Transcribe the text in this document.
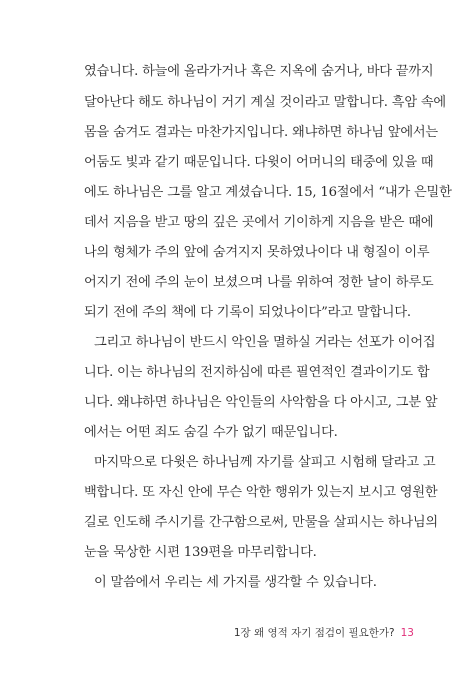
였습니다. 하늘에 올라가거나 혹은 지옥에 숨거나, 바다 끝까지
달아난다 해도 하나님이 거기 계실 것이라고 말합니다. 흑암 속에
몸을 숨겨도 결과는 마찬가지입니다. 왜냐하면 하나님 앞에서는
어둠도 빛과 같기 때문입니다. 다윗이 어머니의 태중에 있을 때
에도 하나님은 그를 알고 계셨습니다. 15, 16절에서 “내가 은밀한
데서 지음을 받고 땅의 깊은 곳에서 기이하게 지음을 받은 때에
나의 형체가 주의 앞에 숨겨지지 못하였나이다 내 형질이 이루
어지기 전에 주의 눈이 보셨으며 나를 위하여 정한 날이 하루도
되기 전에 주의 책에 다 기록이 되었나이다”라고 말합니다.
그리고 하나님이 반드시 악인을 멸하실 거라는 선포가 이어집
니다. 이는 하나님의 전지하심에 따른 필연적인 결과이기도 합
니다. 왜냐하면 하나님은 악인들의 사악함을 다 아시고, 그분 앞
에서는 어떤 죄도 숨길 수가 없기 때문입니다.
마지막으로 다윗은 하나님께 자기를 살피고 시험해 달라고 고
백합니다. 또 자신 안에 무슨 악한 행위가 있는지 보시고 영원한
길로 인도해 주시기를 간구함으로써, 만물을 살피시는 하나님의
눈을 묵상한 시편 139편을 마무리합니다.
이 말씀에서 우리는 세 가지를 생각할 수 있습니다.
1장 왜 영적 자기 점검이 필요한가? 13
